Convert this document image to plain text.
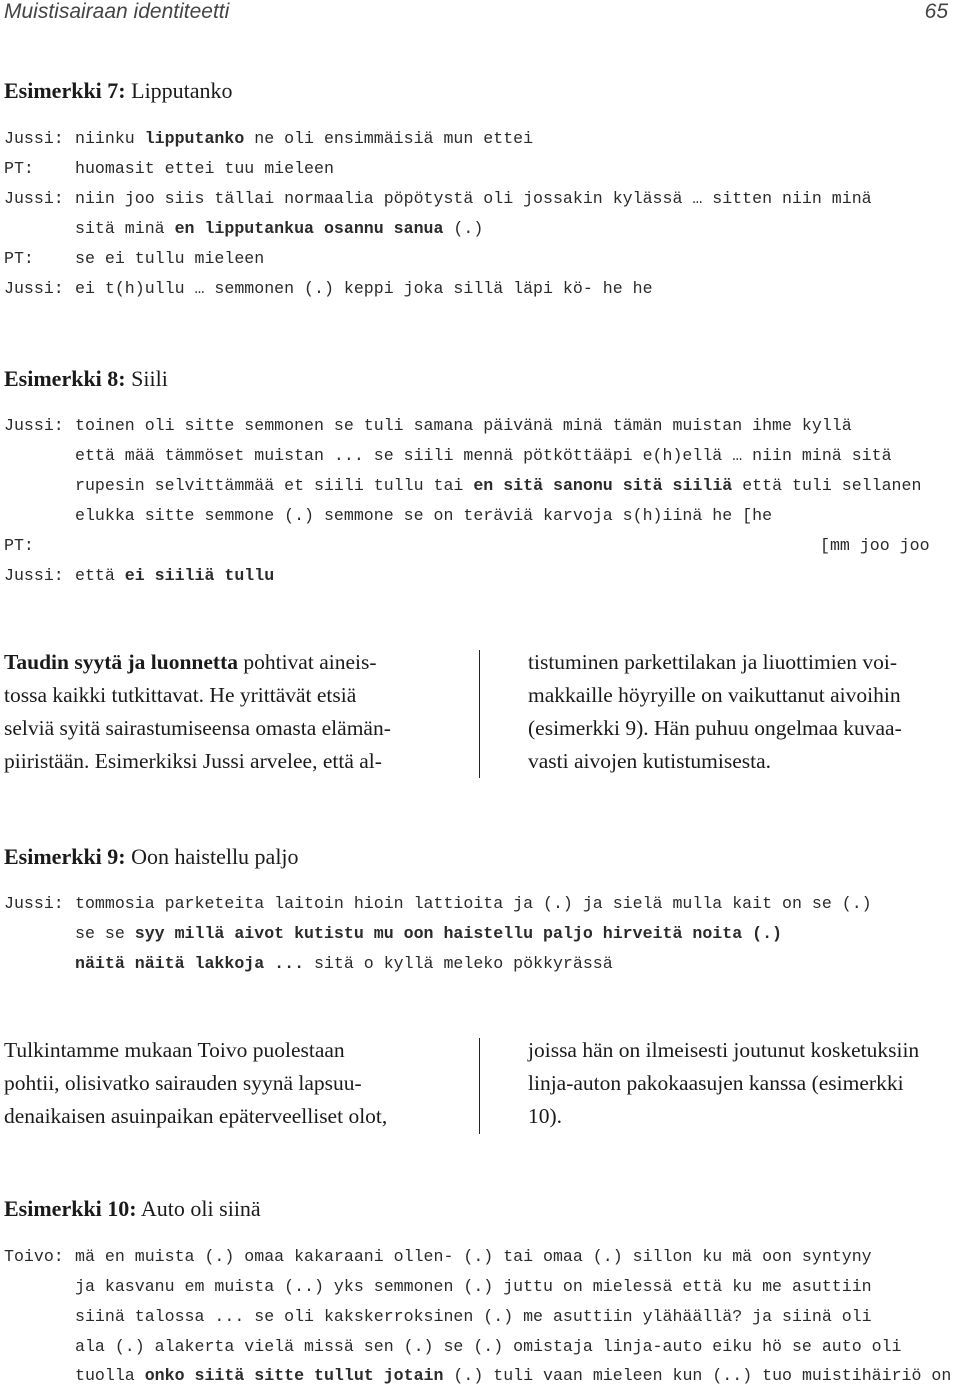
Muistisairaan identiteetti	65
Esimerkki 7: Lipputanko
Jussi: niinku lipputanko ne oli ensimmäisiä mun ettei
PT: huomasit ettei tuu mieleen
Jussi: niin joo siis tällai normaalia pöpötystä oli jossakin kylässä … sitten niin minä
sitä minä en lipputankua osannu sanua (.)
PT: se ei tullu mieleen
Jussi: ei t(h)ullu … semmonen (.) keppi joka sillä läpi kö- he he
Esimerkki 8: Siili
Jussi: toinen oli sitte semmonen se tuli samana päivänä minä tämän muistan ihme kyllä
että mää tämmöset muistan ... se siili mennä pötköttääpi e(h)ellä … niin minä sitä
rupesin selvittämmää et siili tullu tai en sitä sanonu sitä siiliä että tuli sellanen
elukka sitte semmone (.) semmone se on teräviä karvoja s(h)iinä he [he
PT:	[mm joo joo
Jussi: että ei siiliä tullu
Taudin syytä ja luonnetta pohtivat aineis-
tossa kaikki tutkittavat. He yrittävät etsiä
selviä syitä sairastumiseensa omasta elämän-
piiristään. Esimerkiksi Jussi arvelee, että al-
tistuminen parkettilakan ja liuottimien voi-
makkaille höyryille on vaikuttanut aivoihin
(esimerkki 9). Hän puhuu ongelmaa kuvaa-
vasti aivojen kutistumisesta.
Esimerkki 9: Oon haistellu paljo
Jussi: tommosia parketeita laitoin hioin lattioita ja (.) ja sielä mulla kait on se (.)
se se syy millä aivot kutistu mu oon haistellu paljo hirveitä noita (.)
näitä näitä lakkoja ... sitä o kyllä meleko pökkyrässä
Tulkintamme mukaan Toivo puolestaan
pohtii, olisivatko sairauden syynä lapsuu-
denaikaisen asuinpaikan epäterveelliset olot,
joissa hän on ilmeisesti joutunut kosketuksiin
linja-auton pakokaasujen kanssa (esimerkki
10).
Esimerkki 10: Auto oli siinä
Toivo: mä en muista (.) omaa kakaraani ollen- (.) tai omaa (.) sillon ku mä oon syntyny
ja kasvanu em muista (..) yks semmonen (.) juttu on mielessä että ku me asuttiin
siinä talossa ... se oli kakskerroksinen (.) me asuttiin ylähäällä? ja siinä oli
ala (.) alakerta vielä missä sen (.) se (.) omistaja linja-auto eiku hö se auto oli
tuolla onko siitä sitte tullut jotain (.) tuli vaan mieleen kun (..) tuo muistihäiriö on
